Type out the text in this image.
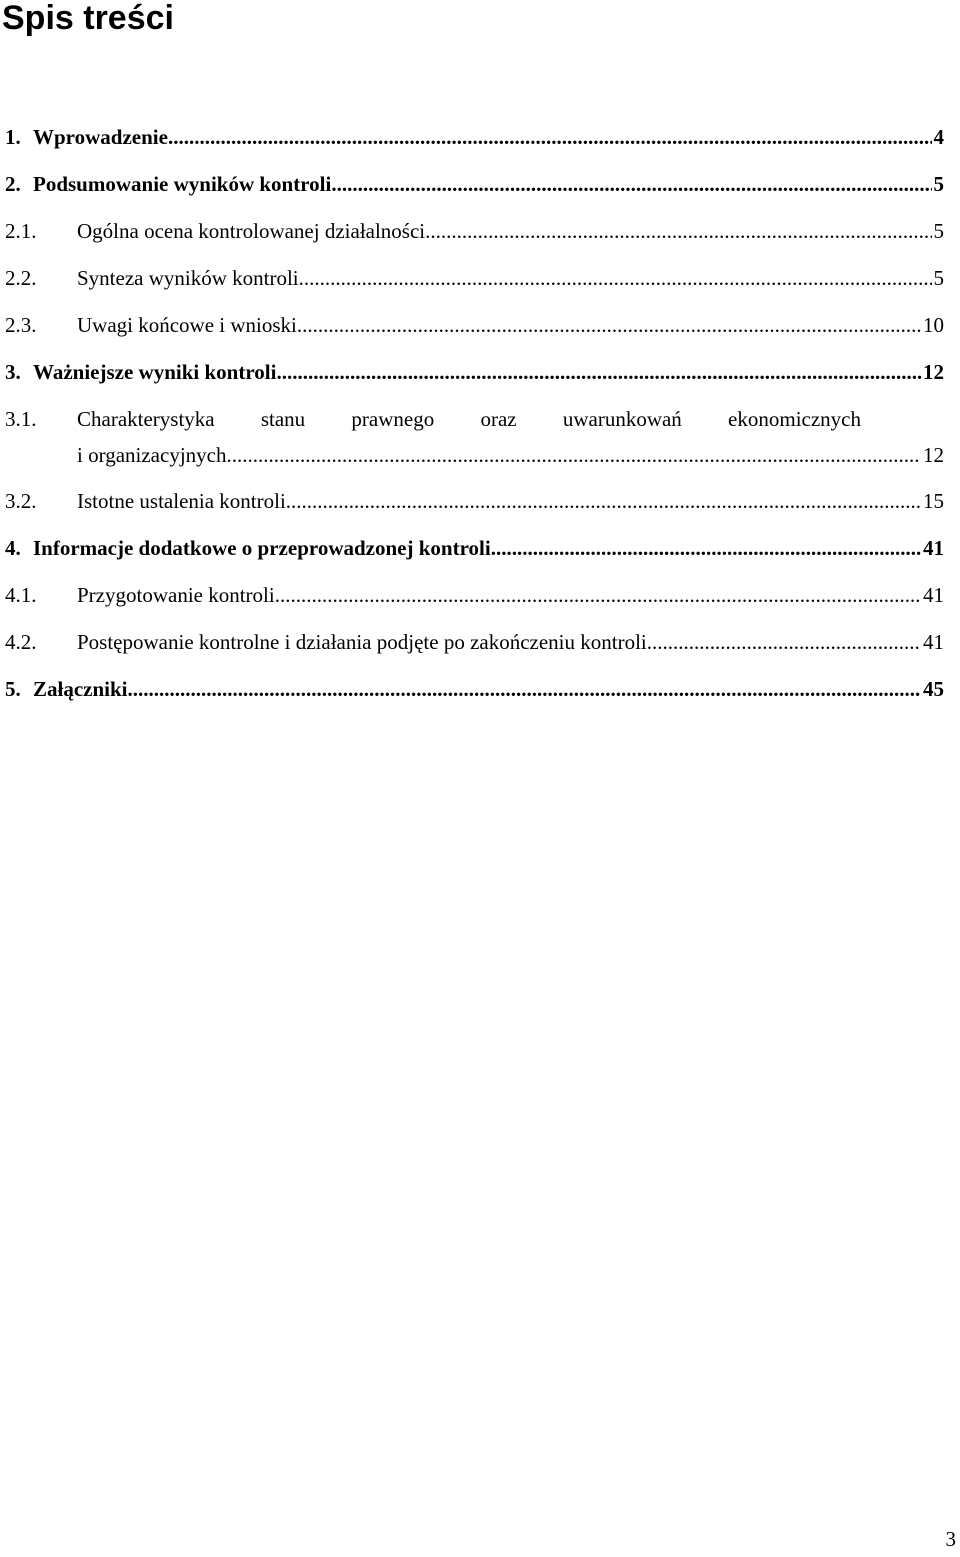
Spis treści
1. Wprowadzenie .....	4
2. Podsumowanie wyników kontroli .....	5
2.1.	Ogólna ocena kontrolowanej działalności .....	5
2.2.	Synteza wyników kontroli .....	5
2.3.	Uwagi końcowe i wnioski .....	10
3. Ważniejsze wyniki kontroli .....	12
3.1.	Charakterystyka stanu prawnego oraz uwarunkowań ekonomicznych
i organizacyjnych .....	12
3.2.	Istotne ustalenia kontroli .....	15
4. Informacje dodatkowe o przeprowadzonej kontroli .....	41
4.1.	Przygotowanie kontroli .....	41
4.2.	Postępowanie kontrolne i działania podjęte po zakończeniu kontroli .....	41
5. Załączniki .....	45
3
